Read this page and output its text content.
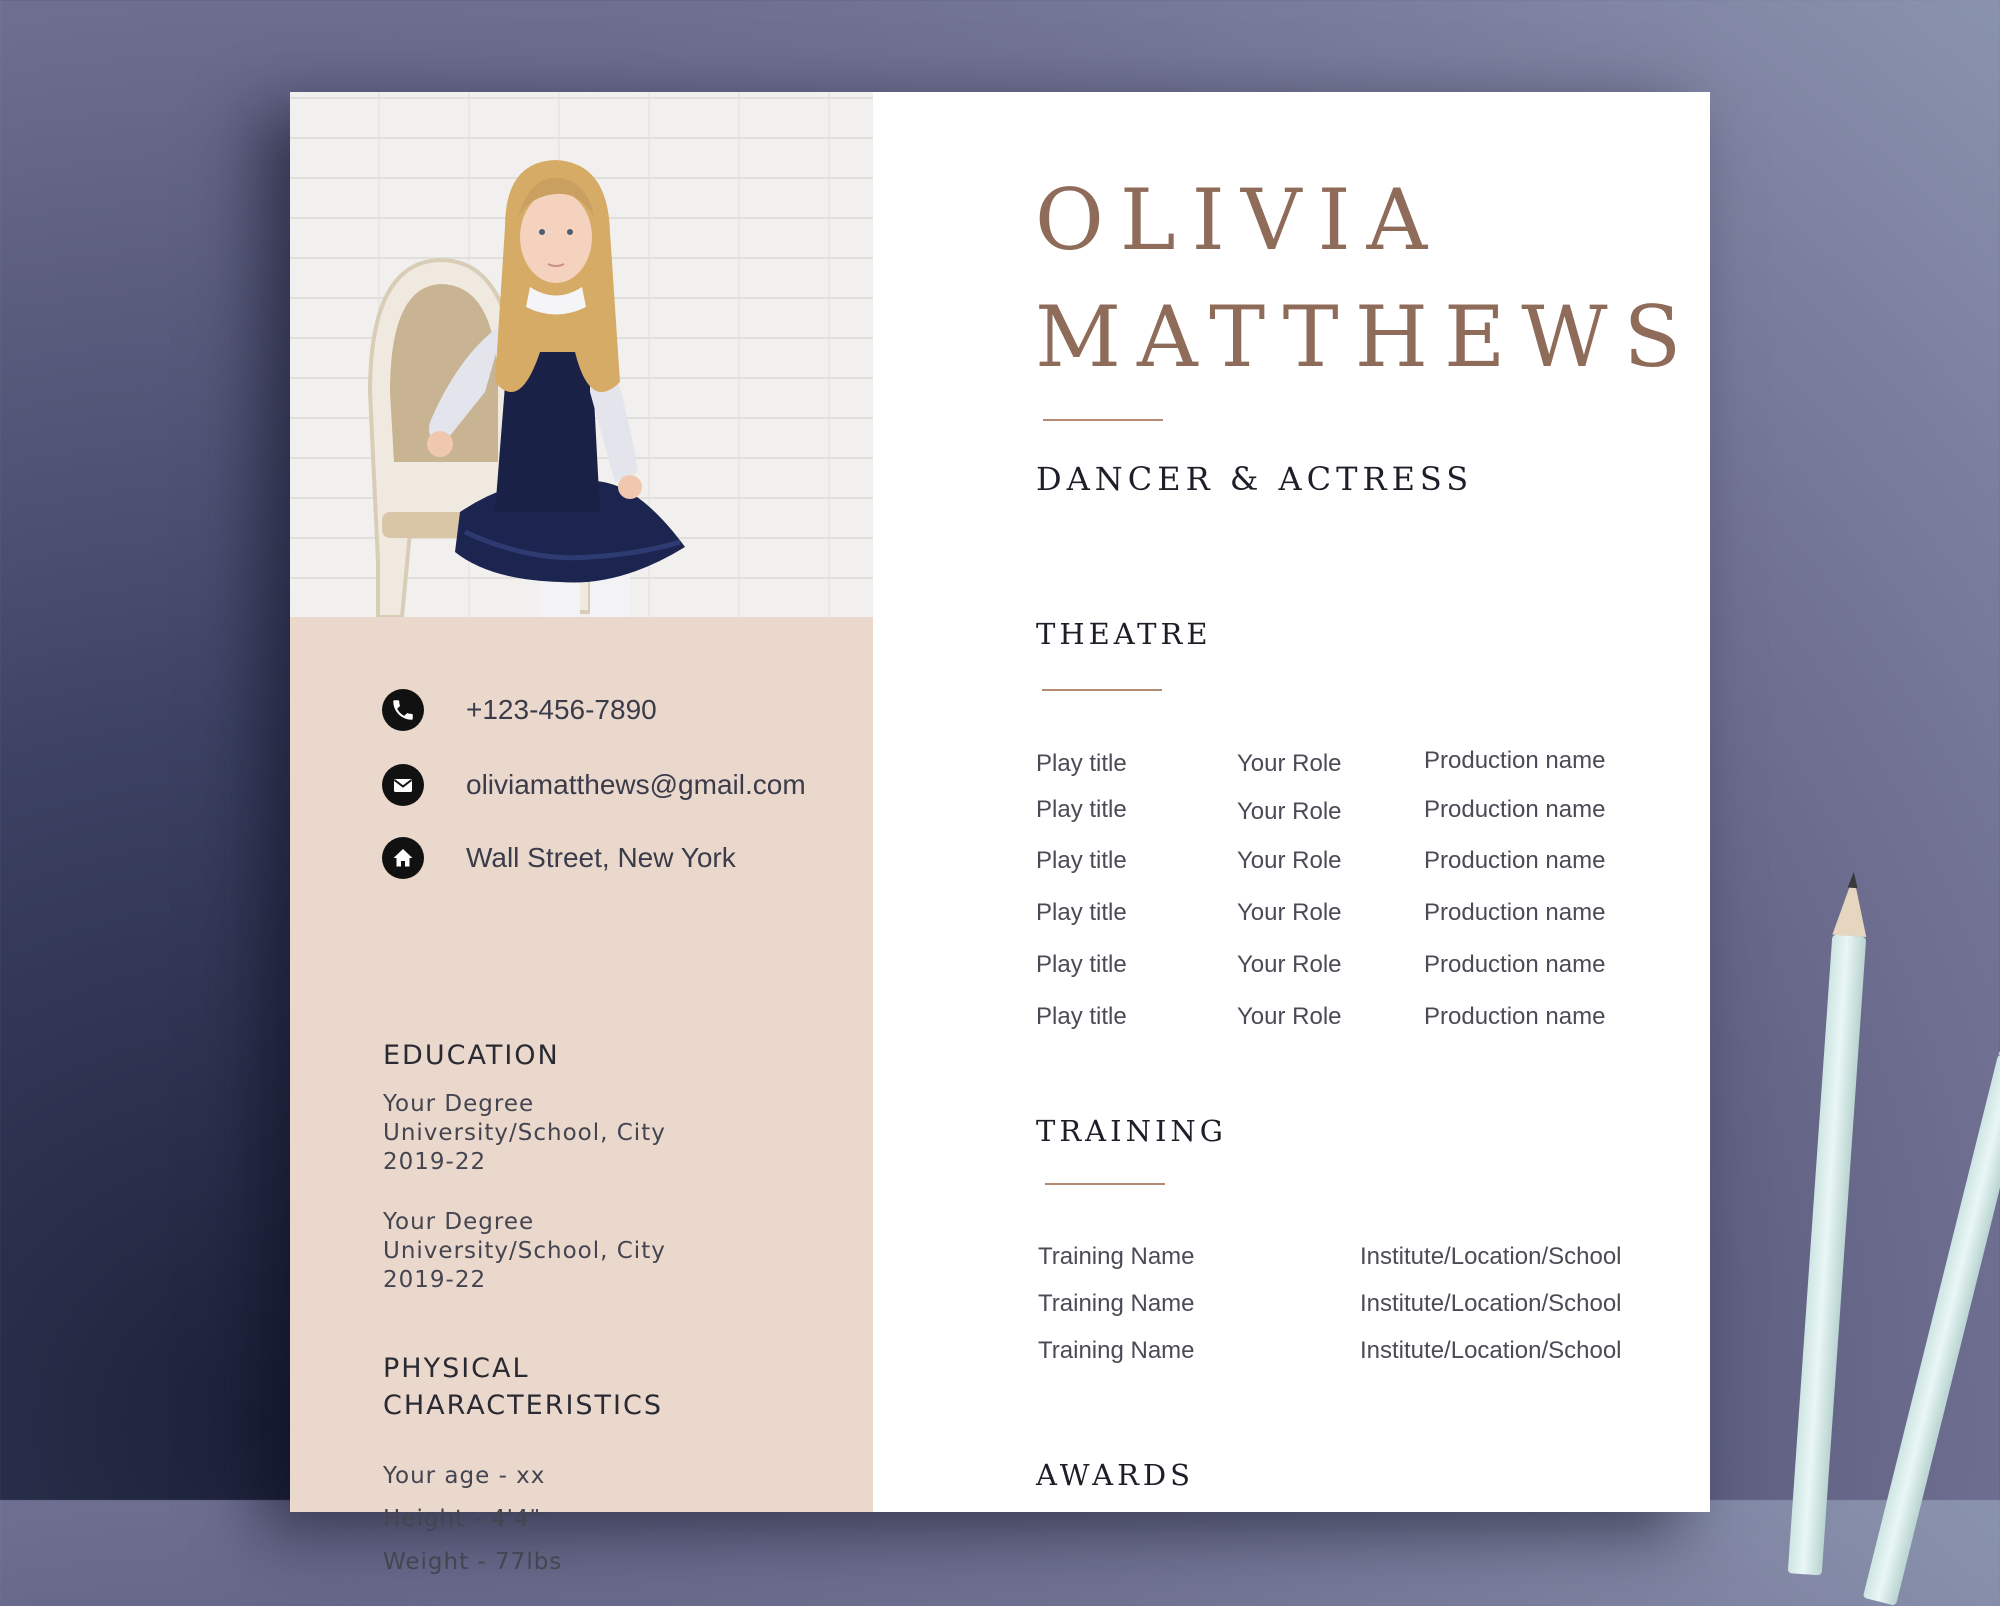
+123-456-7890
oliviamatthews@gmail.com
Wall Street, New York
EDUCATION
Your Degree
University/School, City
2019-22
Your Degree
University/School, City
2019-22
PHYSICAL
CHARACTERISTICS
Your age - xx
Height - 4'4"
Weight - 77lbs
OLIVIA
MATTHEWS
DANCER & ACTRESS
THEATRE
Play title	Your Role	Production name
Play title	Your Role	Production name
Play title	Your Role	Production name
Play title	Your Role	Production name
Play title	Your Role	Production name
Play title	Your Role	Production name
TRAINING
Training Name	Institute/Location/School
Training Name	Institute/Location/School
Training Name	Institute/Location/School
AWARDS
